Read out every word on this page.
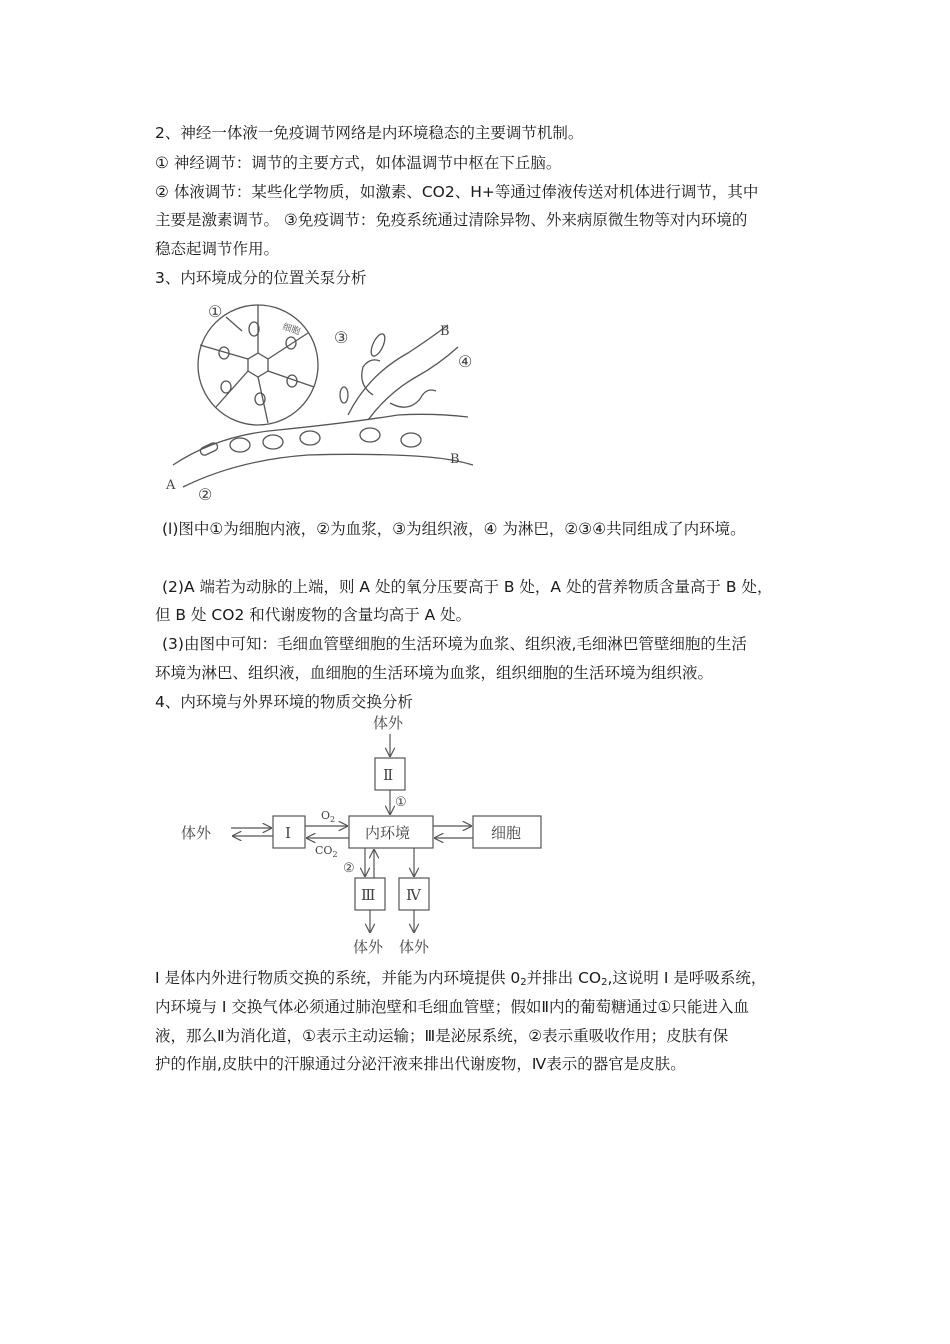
2、神经一体液一免疫调节网络是内环境稳态的主要调节机制。
① 神经调节：调节的主要方式，如体温调节中枢在下丘脑。
② 体液调节：某些化学物质，如激素、CO2、H+等通过俸液传送对机体进行调节，其中
主要是激素调节。 ③免疫调节：免疫系统通过清除异物、外来病原微生物等对内环境的
稳态起调节作用。
3、内环境成分的位置关泵分析
①
③
④
②
A
B
B
细胞
(l)图中①为细胞内液，②为血浆，③为组织液，④ 为淋巴，②③④共同组成了内环境。
(2)A 端若为动脉的上端，则 A 处的氧分压要高于 B 处，A 处的营养物质含量高于 B 处，
但 B 处 CO2 和代谢废物的含量均高于 A 处。
(3)由图中可知：毛细血管壁细胞的生活环境为血浆、组织液,毛细淋巴管壁细胞的生活
环境为淋巴、组织液，血细胞的生活环境为血浆，组织细胞的生活环境为组织液。
4、内环境与外界环境的物质交换分析
体外
Ⅱ
①
体外	I
$O_2$
$CO_2$
内环境	细胞
②
Ⅲ Ⅳ
体外 体外
I 是体内外进行物质交换的系统，并能为内环境提供 $0_2$并排出 $CO_2$,这说明 I 是呼吸系统，
内环境与 I 交换气体必须通过肺泡壁和毛细血管壁；假如Ⅱ内的葡萄糖通过①只能进入血
液，那么Ⅱ为消化道，①表示主动运输；Ⅲ是泌尿系统，②表示重吸收作用；皮肤有保
护的作崩,皮肤中的汗腺通过分泌汗液来排出代谢废物，Ⅳ表示的器官是皮肤。
